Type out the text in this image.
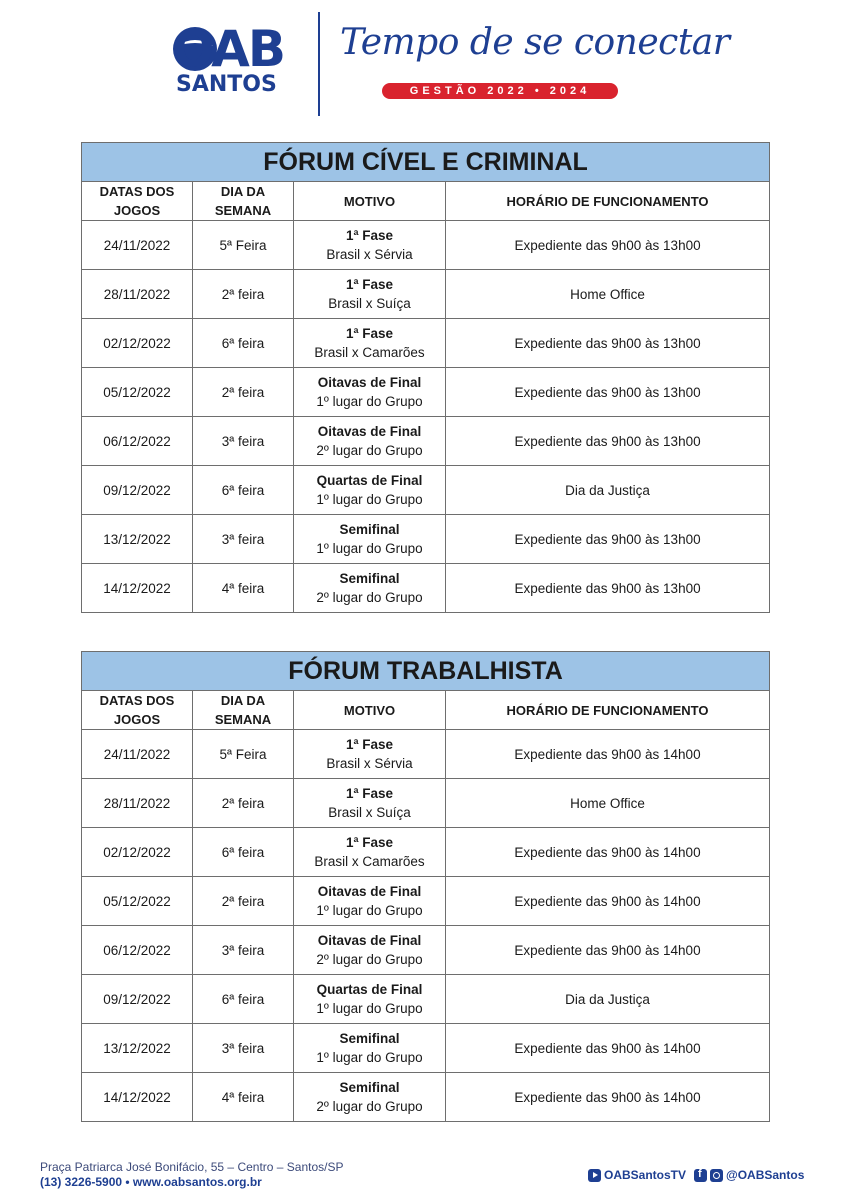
OAB
SANTOS
Tempo de se conectar
GESTÃO 2022 • 2024
FÓRUM CÍVEL E CRIMINAL			

DATAS DOS JOGOS	DIA DA SEMANA	MOTIVO	HORÁRIO DE FUNCIONAMENTO
24/11/2022	5ª Feira	1ª Fase
Brasil x Sérvia	Expediente das 9h00 às 13h00
28/11/2022	2ª feira	1ª Fase
Brasil x Suíça	Home Office
02/12/2022	6ª feira	1ª Fase
Brasil x Camarões	Expediente das 9h00 às 13h00
05/12/2022	2ª feira	Oitavas de Final
1º lugar do Grupo	Expediente das 9h00 às 13h00
06/12/2022	3ª feira	Oitavas de Final
2º lugar do Grupo	Expediente das 9h00 às 13h00
09/12/2022	6ª feira	Quartas de Final
1º lugar do Grupo	Dia da Justiça
13/12/2022	3ª feira	Semifinal
1º lugar do Grupo	Expediente das 9h00 às 13h00
14/12/2022	4ª feira	Semifinal
2º lugar do Grupo	Expediente das 9h00 às 13h00
FÓRUM TRABALHISTA			

DATAS DOS JOGOS	DIA DA SEMANA	MOTIVO	HORÁRIO DE FUNCIONAMENTO
24/11/2022	5ª Feira	1ª Fase
Brasil x Sérvia	Expediente das 9h00 às 14h00
28/11/2022	2ª feira	1ª Fase
Brasil x Suíça	Home Office
02/12/2022	6ª feira	1ª Fase
Brasil x Camarões	Expediente das 9h00 às 14h00
05/12/2022	2ª feira	Oitavas de Final
1º lugar do Grupo	Expediente das 9h00 às 14h00
06/12/2022	3ª feira	Oitavas de Final
2º lugar do Grupo	Expediente das 9h00 às 14h00
09/12/2022	6ª feira	Quartas de Final
1º lugar do Grupo	Dia da Justiça
13/12/2022	3ª feira	Semifinal
1º lugar do Grupo	Expediente das 9h00 às 14h00
14/12/2022	4ª feira	Semifinal
2º lugar do Grupo	Expediente das 9h00 às 14h00
Praça Patriarca José Bonifácio, 55 – Centro – Santos/SP
(13) 3226-5900 • www.oabsantos.org.br	OABSantosTV f	@OABSantos
